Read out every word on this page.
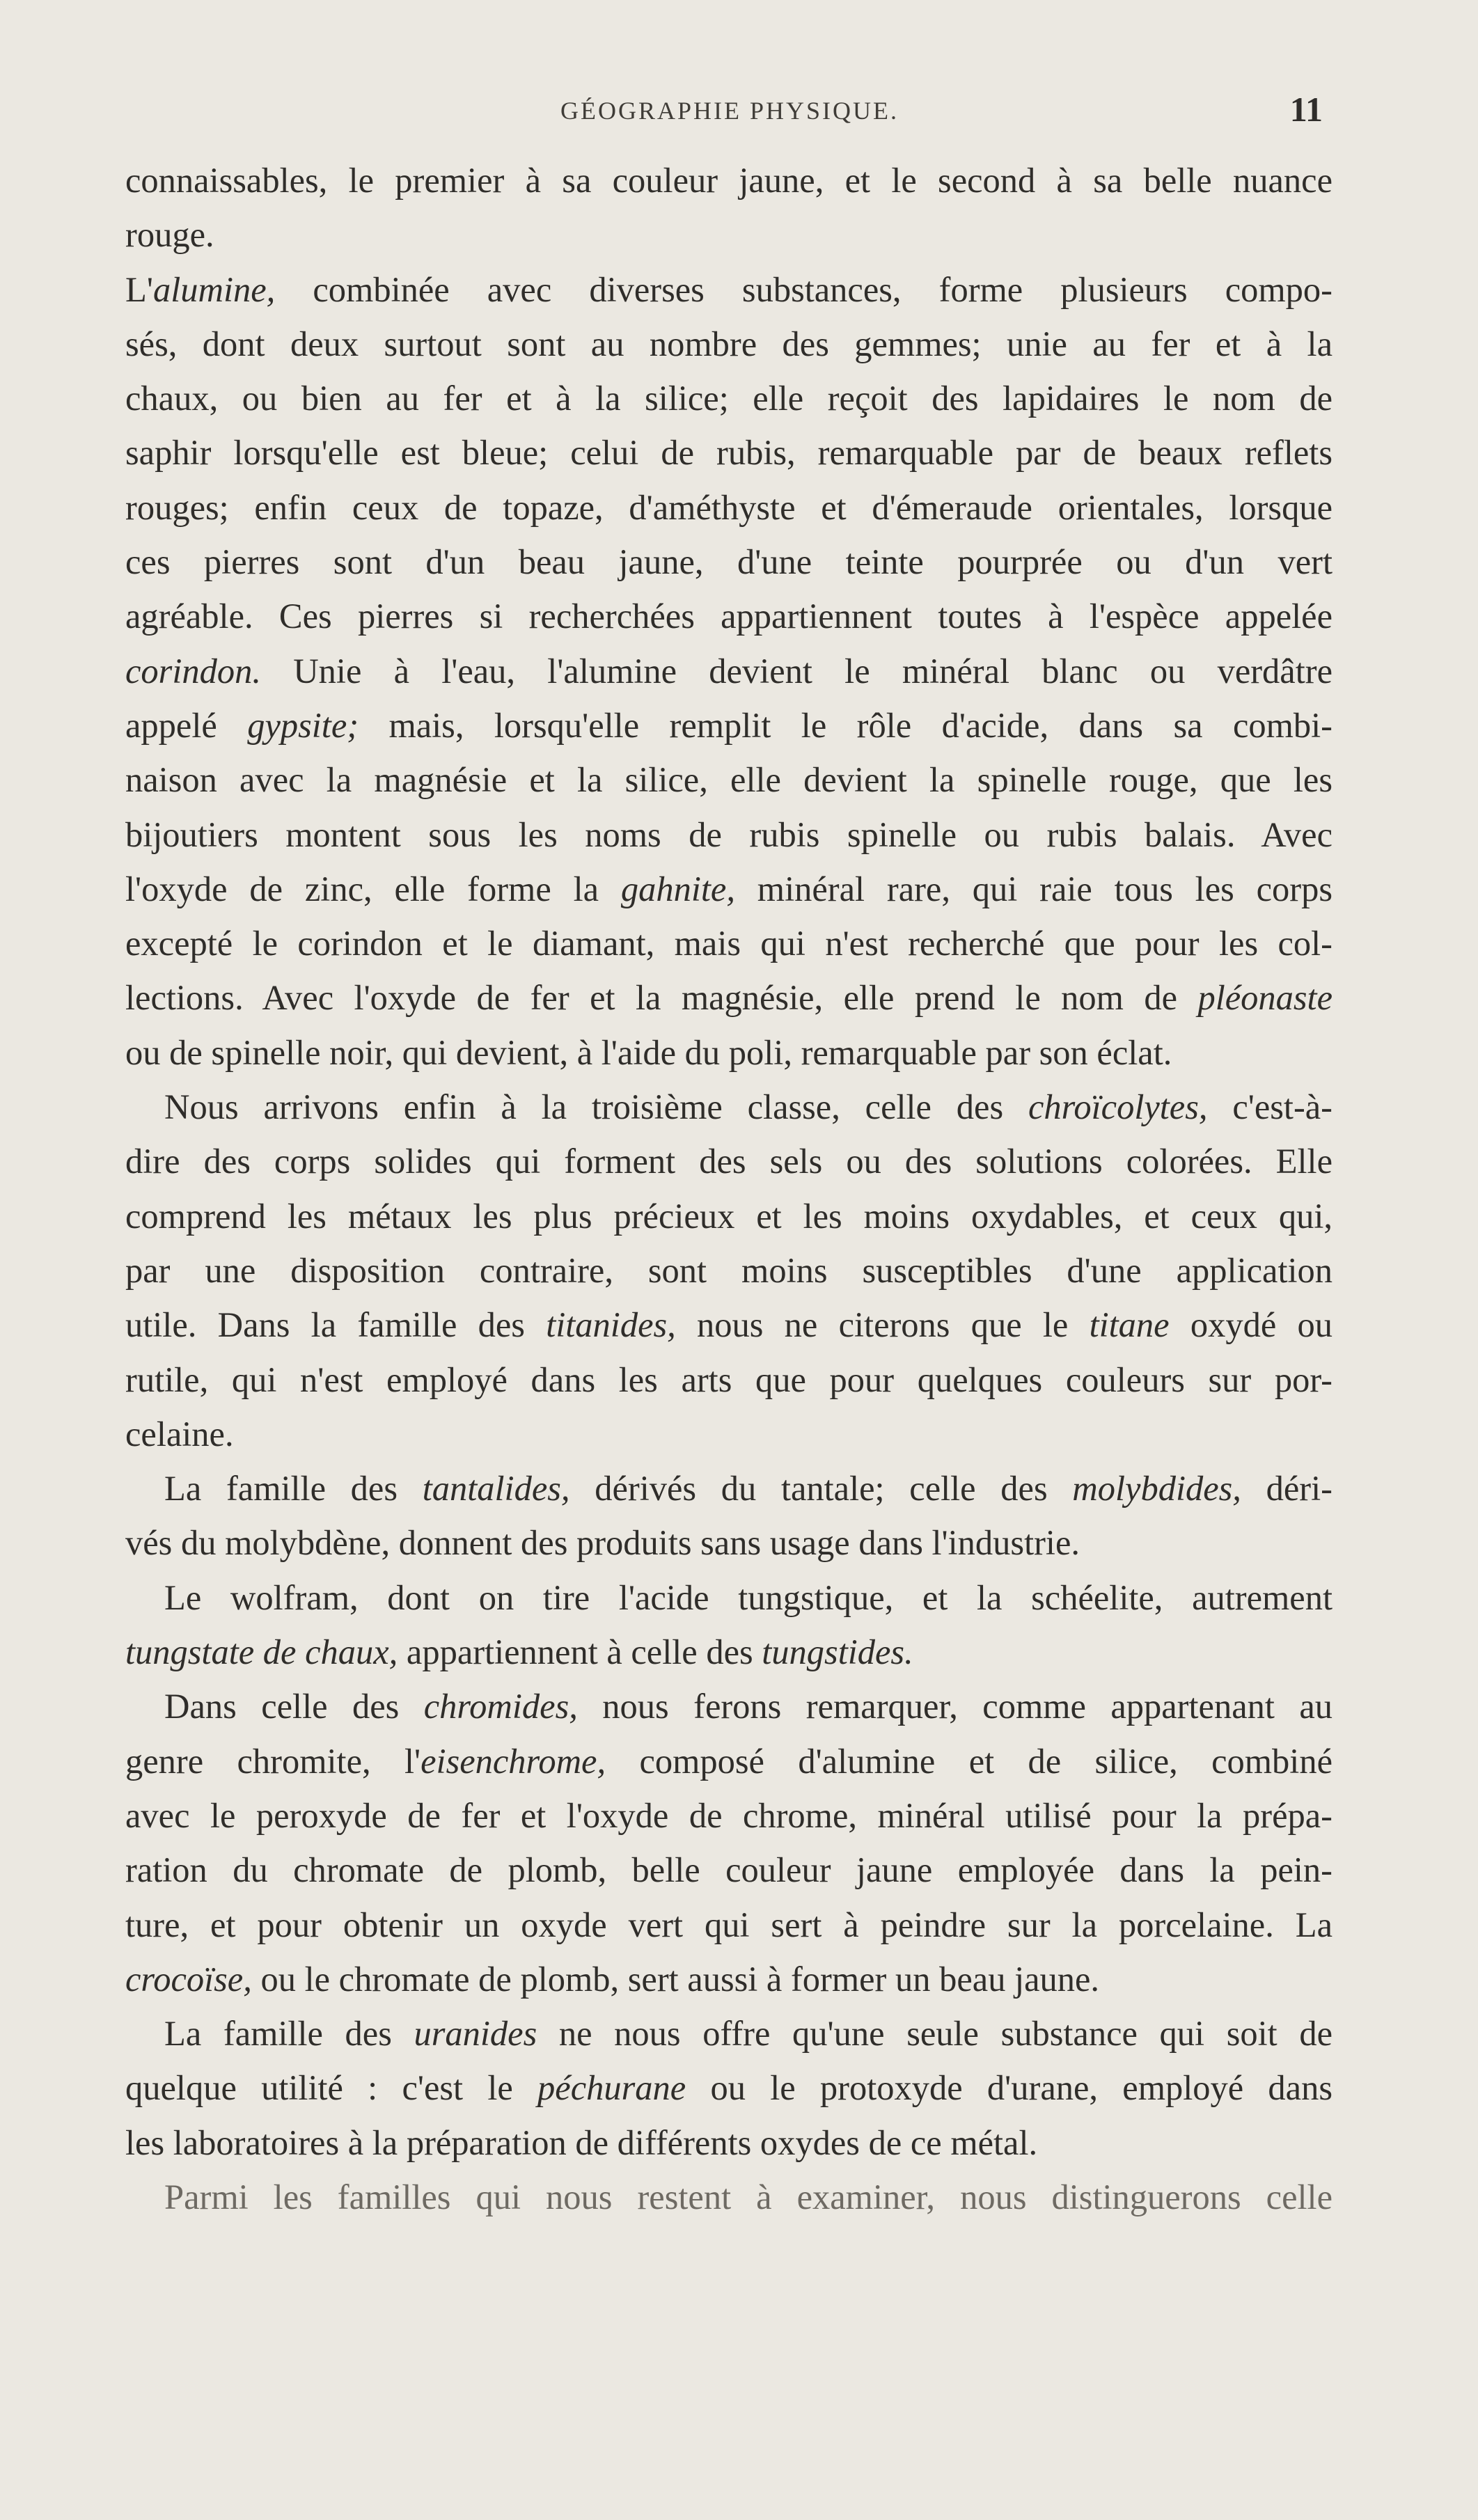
GÉOGRAPHIE PHYSIQUE.	11
connaissables, le premier à sa couleur jaune, et le second à sa belle nuance
rouge.
L'alumine, combinée avec diverses substances, forme plusieurs compo-
sés, dont deux surtout sont au nombre des gemmes; unie au fer et à la
chaux, ou bien au fer et à la silice; elle reçoit des lapidaires le nom de
saphir lorsqu'elle est bleue; celui de rubis, remarquable par de beaux reflets
rouges; enfin ceux de topaze, d'améthyste et d'émeraude orientales, lorsque
ces pierres sont d'un beau jaune, d'une teinte pourprée ou d'un vert
agréable. Ces pierres si recherchées appartiennent toutes à l'espèce appelée
corindon. Unie à l'eau, l'alumine devient le minéral blanc ou verdâtre
appelé gypsite; mais, lorsqu'elle remplit le rôle d'acide, dans sa combi-
naison avec la magnésie et la silice, elle devient la spinelle rouge, que les
bijoutiers montent sous les noms de rubis spinelle ou rubis balais. Avec
l'oxyde de zinc, elle forme la gahnite, minéral rare, qui raie tous les corps
excepté le corindon et le diamant, mais qui n'est recherché que pour les col-
lections. Avec l'oxyde de fer et la magnésie, elle prend le nom de pléonaste
ou de spinelle noir, qui devient, à l'aide du poli, remarquable par son éclat.
Nous arrivons enfin à la troisième classe, celle des chroïcolytes, c'est-à-
dire des corps solides qui forment des sels ou des solutions colorées. Elle
comprend les métaux les plus précieux et les moins oxydables, et ceux qui,
par une disposition contraire, sont moins susceptibles d'une application
utile. Dans la famille des titanides, nous ne citerons que le titane oxydé ou
rutile, qui n'est employé dans les arts que pour quelques couleurs sur por-
celaine.
La famille des tantalides, dérivés du tantale; celle des molybdides, déri-
vés du molybdène, donnent des produits sans usage dans l'industrie.
Le wolfram, dont on tire l'acide tungstique, et la schéelite, autrement
tungstate de chaux, appartiennent à celle des tungstides.
Dans celle des chromides, nous ferons remarquer, comme appartenant au
genre chromite, l'eisenchrome, composé d'alumine et de silice, combiné
avec le peroxyde de fer et l'oxyde de chrome, minéral utilisé pour la prépa-
ration du chromate de plomb, belle couleur jaune employée dans la pein-
ture, et pour obtenir un oxyde vert qui sert à peindre sur la porcelaine. La
crocoïse, ou le chromate de plomb, sert aussi à former un beau jaune.
La famille des uranides ne nous offre qu'une seule substance qui soit de
quelque utilité : c'est le péchurane ou le protoxyde d'urane, employé dans
les laboratoires à la préparation de différents oxydes de ce métal.
Parmi les familles qui nous restent à examiner, nous distinguerons celle
